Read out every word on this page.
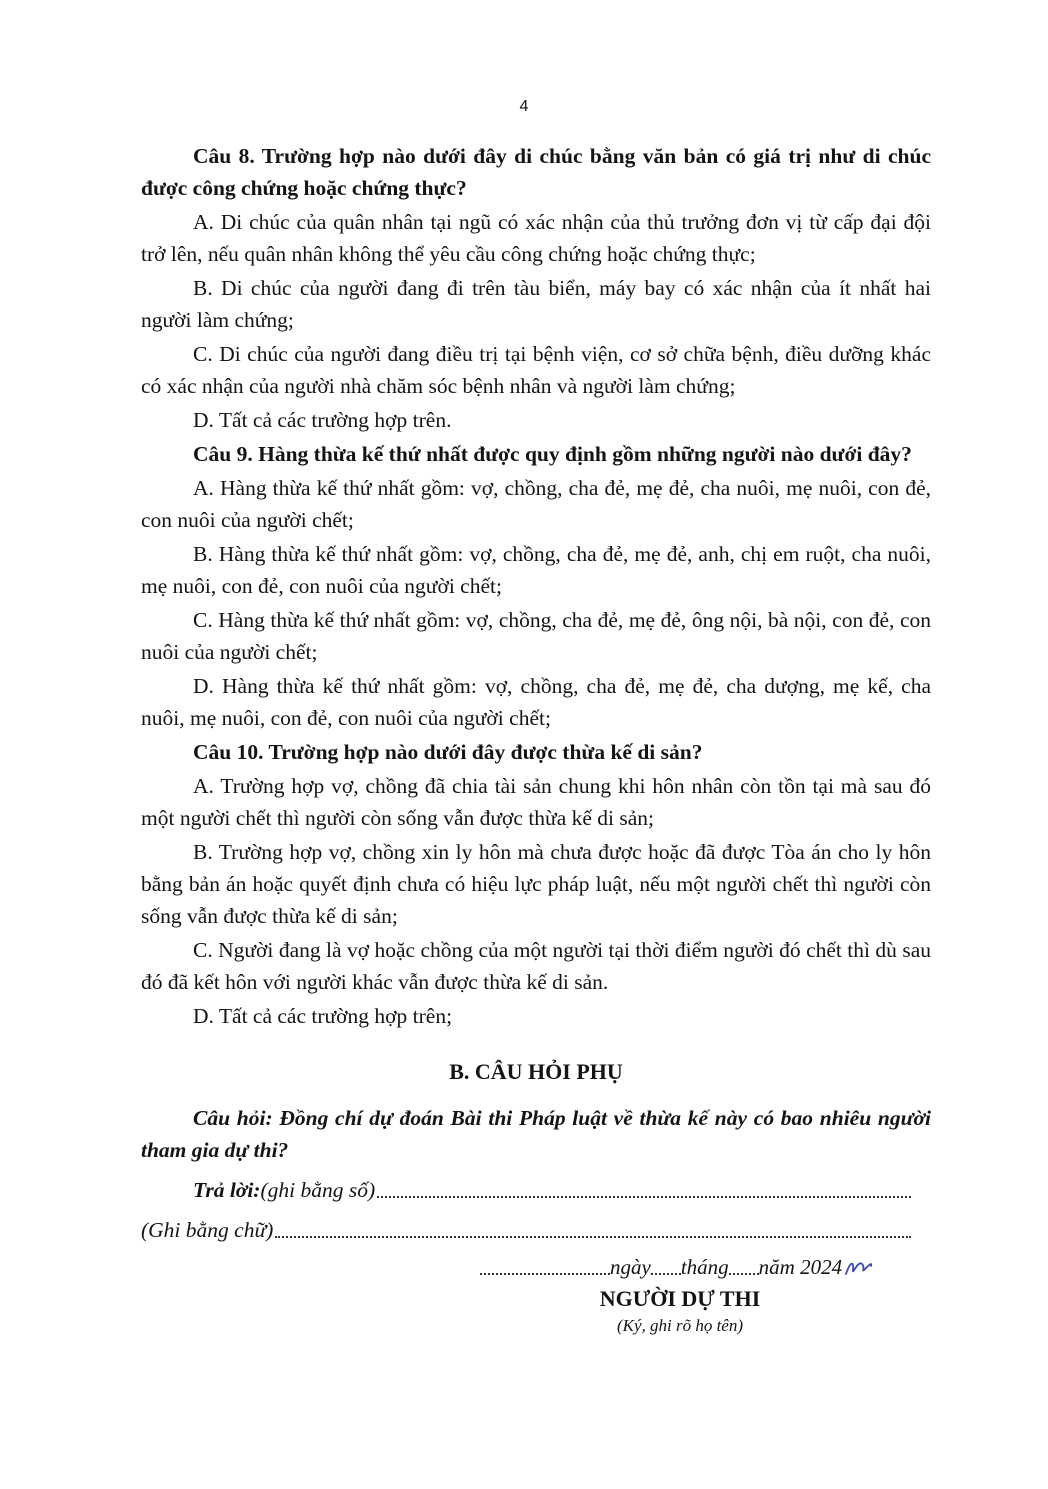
4

Câu 8. Trường hợp nào dưới đây di chúc bằng văn bản có giá trị như di chúc được công chứng hoặc chứng thực?

A. Di chúc của quân nhân tại ngũ có xác nhận của thủ trưởng đơn vị từ cấp đại đội trở lên, nếu quân nhân không thể yêu cầu công chứng hoặc chứng thực;

B. Di chúc của người đang đi trên tàu biển, máy bay có xác nhận của ít nhất hai người làm chứng;

C. Di chúc của người đang điều trị tại bệnh viện, cơ sở chữa bệnh, điều dưỡng khác có xác nhận của người nhà chăm sóc bệnh nhân và người làm chứng;

D. Tất cả các trường hợp trên.

Câu 9. Hàng thừa kế thứ nhất được quy định gồm những người nào dưới đây?

A. Hàng thừa kế thứ nhất gồm: vợ, chồng, cha đẻ, mẹ đẻ, cha nuôi, mẹ nuôi, con đẻ, con nuôi của người chết;

B. Hàng thừa kế thứ nhất gồm: vợ, chồng, cha đẻ, mẹ đẻ, anh, chị em ruột, cha nuôi, mẹ nuôi, con đẻ, con nuôi của người chết;

C. Hàng thừa kế thứ nhất gồm: vợ, chồng, cha đẻ, mẹ đẻ, ông nội, bà nội, con đẻ, con nuôi của người chết;

D. Hàng thừa kế thứ nhất gồm: vợ, chồng, cha đẻ, mẹ đẻ, cha dượng, mẹ kế, cha nuôi, mẹ nuôi, con đẻ, con nuôi của người chết;

Câu 10. Trường hợp nào dưới đây được thừa kế di sản?

A. Trường hợp vợ, chồng đã chia tài sản chung khi hôn nhân còn tồn tại mà sau đó một người chết thì người còn sống vẫn được thừa kế di sản;

B. Trường hợp vợ, chồng xin ly hôn mà chưa được hoặc đã được Tòa án cho ly hôn bằng bản án hoặc quyết định chưa có hiệu lực pháp luật, nếu một người chết thì người còn sống vẫn được thừa kế di sản;

C. Người đang là vợ hoặc chồng của một người tại thời điểm người đó chết thì dù sau đó đã kết hôn với người khác vẫn được thừa kế di sản.

D. Tất cả các trường hợp trên;

B. CÂU HỎI PHỤ

Câu hỏi: Đồng chí dự đoán Bài thi Pháp luật về thừa kế này có bao nhiêu người tham gia dự thi?

Trả lời: (ghi bằng số)
(Ghi bằng chữ)
ngày tháng năm 2024
NGƯỜI DỰ THI
(Ký, ghi rõ họ tên)
